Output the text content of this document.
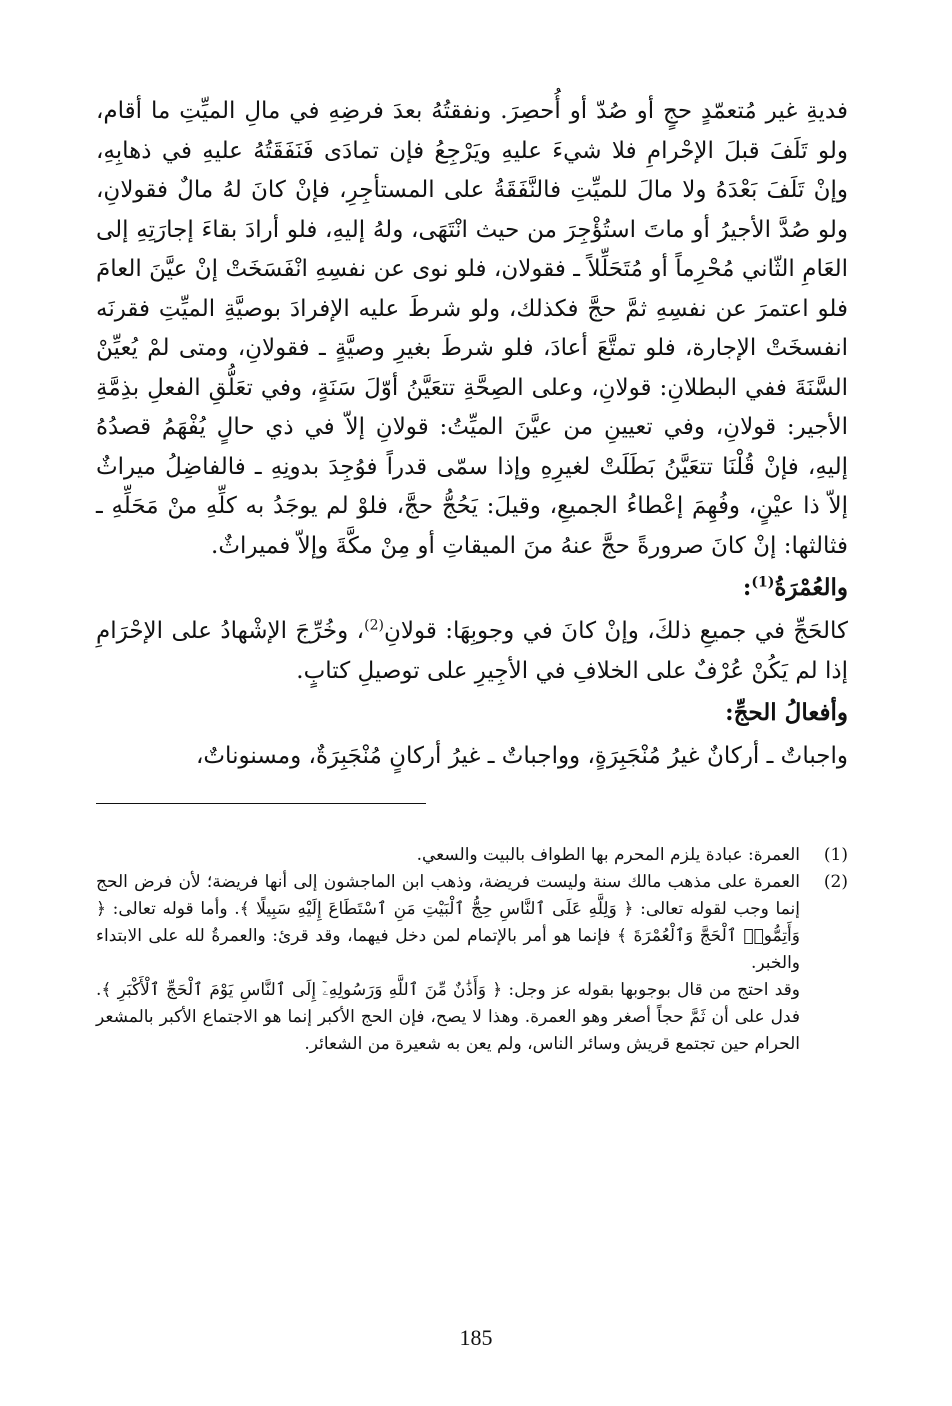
فديةِ غير مُتعمّدٍ حجٍ أو صُدّ أو أُحصِرَ. ونفقتُهُ بعدَ فرضِهِ في مالِ الميِّتِ ما أقام، ولو تَلَفَ قبلَ الإحْرامِ فلا شيءَ عليهِ ويَرْجِعُ فإن تمادَى فَنَفَقَتُهُ عليهِ في ذهابِهِ، وإنْ تَلَفَ بَعْدَهُ ولا مالَ للميِّتِ فالنَّفَقَةُ على المستأجِرِ، فإنْ كانَ لهُ مالٌ فقولانِ، ولو صُدَّ الأجيرُ أو ماتَ استُؤْجِرَ من حيث انْتَهَى، ولهُ إليهِ، فلو أرادَ بقاءَ إجارَتِهِ إلى العَامِ الثّاني مُحْرِماً أو مُتَحَلِّلاً ـ فقولان، فلو نوى عن نفسِهِ انْفَسَخَتْ إنْ عيَّنَ العامَ فلو اعتمرَ عن نفسِهِ ثمَّ حجَّ فكذلك، ولو شرطَ عليه الإفرادَ بوصيَّةِ الميِّتِ فقرنَه انفسخَتْ الإجارة، فلو تمتَّعَ أعادَ، فلو شرطَ بغيرِ وصيَّةٍ ـ فقولانِ، ومتى لمْ يُعيِّنْ السَّنَةَ ففي البطلانِ: قولانِ، وعلى الصِحَّةِ تتعَيَّنُ أوّلَ سَنَةٍ، وفي تعَلُّقِ الفعلِ بذِمَّةِ الأجير: قولانِ، وفي تعيينِ من عيَّنَ الميِّتُ: قولانِ إلاّ في ذي حالٍ يُفْهَمُ قصدُهُ إليهِ، فإنْ قُلْنَا تتعَيَّنُ بَطَلَتْ لغيرِهِ وإذا سمّى قدراً فوُجِدَ بدونِهِ ـ فالفاضِلُ ميراثٌ إلاّ ذا عيْنٍ، وفُهِمَ إعْطاءُ الجميعِ، وقيلَ: يَحُجُّ حجَّ، فلوْ لم يوجَدُ به كلِّهِ منْ مَحَلِّهِ ـ فثالثها: إنْ كانَ صرورةً حجَّ عنهُ منَ الميقاتِ أو مِنْ مكَّةَ وإلاّ فميراثٌ.

والعُمْرَةُ$^{(1)}$:

كالحَجِّ في جميعِ ذلكَ، وإنْ كانَ في وجوبِهَا: قولانِ$^{(2)}$، وخُرِّجَ الإشْهادُ على الإحْرَامِ إذا لم يَكُنْ عُرْفٌ على الخلافِ في الأجِيرِ على توصيلِ كتابٍ.

وأفعالُ الحجِّ:

واجباتٌ ـ أركانٌ غيرُ مُنْجَبِرَةٍ، وواجباتٌ ـ غيرُ أركانٍ مُنْجَبِرَةٌ، ومسنوناتٌ،

(1)
العمرة: عبادة يلزم المحرم بها الطواف بالبيت والسعي.
(2)
العمرة على مذهب مالك سنة وليست فريضة، وذهب ابن الماجشون إلى أنها فريضة؛ لأن فرض الحج إنما وجب لقوله تعالى: ﴿ وَلِلَّهِ عَلَى ٱلنَّاسِ حِجُّ ٱلْبَيْتِ مَنِ ٱسْتَطَاعَ إِلَيْهِ سَبِيلًا ﴾. وأما قوله تعالى: ﴿ وَأَتِمُّوا۟ ٱلْحَجَّ وَٱلْعُمْرَةَ ﴾ فإنما هو أمر بالإتمام لمن دخل فيهما، وقد قرئ: والعمرةُ لله على الابتداء والخبر.
وقد احتج من قال بوجوبها بقوله عز وجل: ﴿ وَأَذَٰنٌ مِّنَ ٱللَّهِ وَرَسُولِهِۦٓ إِلَى ٱلنَّاسِ يَوْمَ ٱلْحَجِّ ٱلْأَكْبَرِ ﴾. فدل على أن ثَمَّ حجاً أصغر وهو العمرة. وهذا لا يصح، فإن الحج الأكبر إنما هو الاجتماع الأكبر بالمشعر الحرام حين تجتمع قريش وسائر الناس، ولم يعن به شعيرة من الشعائر.
185
